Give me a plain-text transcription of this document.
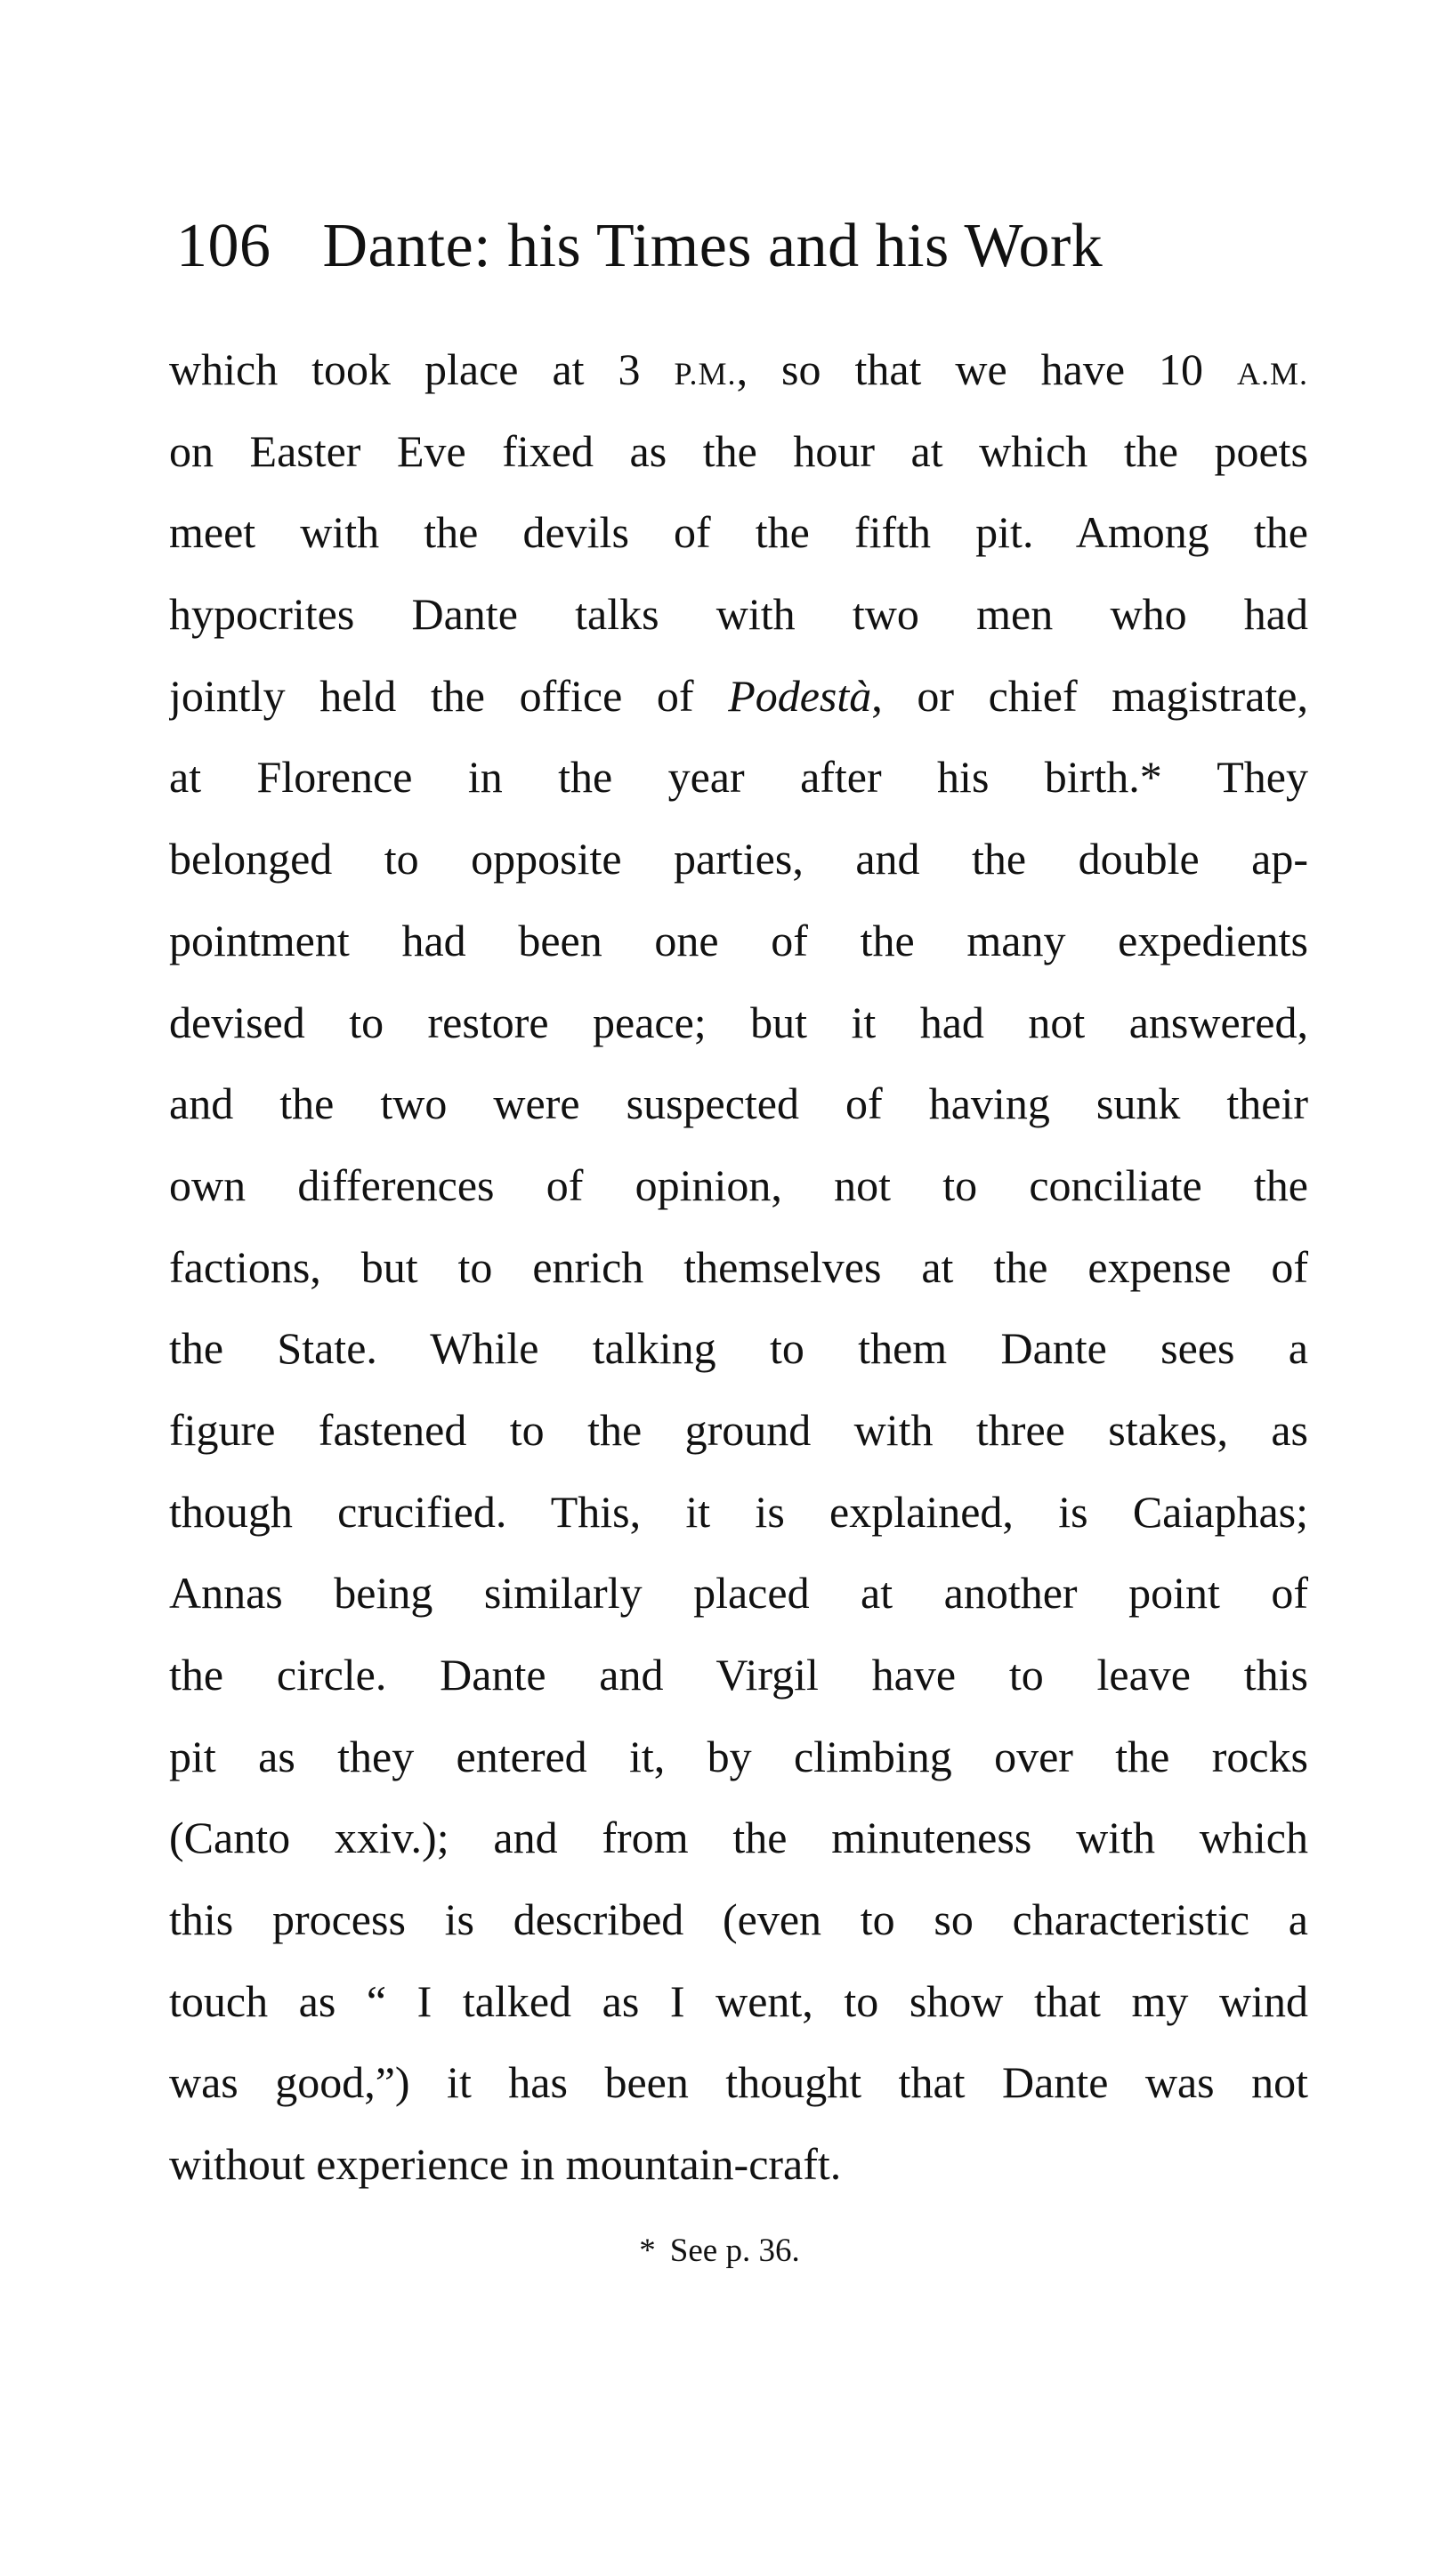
106 Dante: his Times and his Work
which took place at 3 P.M., so that we have 10 A.M.
on Easter Eve fixed as the hour at which the poets
meet with the devils of the fifth pit. Among the
hypocrites Dante talks with two men who had
jointly held the office of Podestà, or chief magistrate,
at Florence in the year after his birth.* They
belonged to opposite parties, and the double ap-
pointment had been one of the many expedients
devised to restore peace; but it had not answered,
and the two were suspected of having sunk their
own differences of opinion, not to conciliate the
factions, but to enrich themselves at the expense of
the State. While talking to them Dante sees a
figure fastened to the ground with three stakes, as
though crucified. This, it is explained, is Caiaphas;
Annas being similarly placed at another point of
the circle. Dante and Virgil have to leave this
pit as they entered it, by climbing over the rocks
(Canto xxiv.); and from the minuteness with which
this process is described (even to so characteristic a
touch as “ I talked as I went, to show that my wind
was good,”) it has been thought that Dante was not
without experience in mountain-craft.
* See p. 36.
